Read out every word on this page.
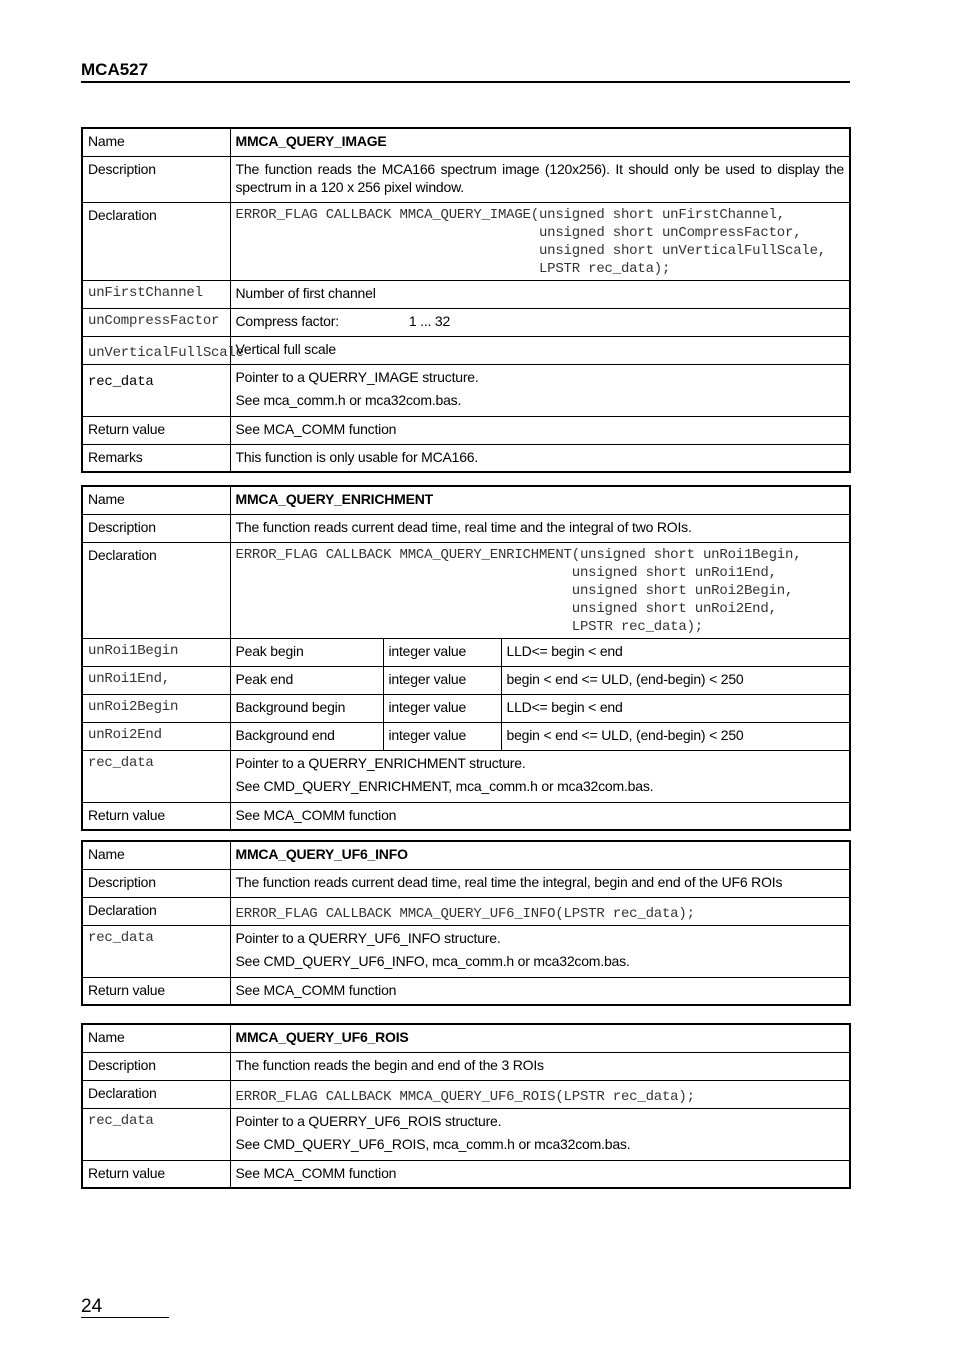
MCA527
Name	MMCA_QUERY_IMAGE
Description	The function reads the MCA166 spectrum image (120x256). It should only be used to display the spectrum in a 120 x 256 pixel window.
Declaration	ERROR_FLAG CALLBACK MMCA_QUERY_IMAGE(unsigned short unFirstChannel,
unsigned short unCompressFactor,
unsigned short unVerticalFullScale,
LPSTR rec_data);
unFirstChannel	Number of first channel
unCompressFactor	Compress factor: 1 ... 32
unVerticalFullScale	Vertical full scale
rec_data	Pointer to a QUERRY_IMAGE structure.
See mca_comm.h or mca32com.bas.

Return value	See MCA_COMM function
Remarks	This function is only usable for MCA166.
Name	MMCA_QUERY_ENRICHMENT		
Description	The function reads current dead time, real time and the integral of two ROIs.		
Declaration	ERROR_FLAG CALLBACK MMCA_QUERY_ENRICHMENT(unsigned short unRoi1Begin,
unsigned short unRoi1End,
unsigned short unRoi2Begin,
unsigned short unRoi2End,
LPSTR rec_data);		
unRoi1Begin	Peak begin	integer value	LLD<= begin < end
unRoi1End,	Peak end	integer value	begin < end <= ULD, (end-begin) < 250
unRoi2Begin	Background begin	integer value	LLD<= begin < end
unRoi2End	Background end	integer value	begin < end <= ULD, (end-begin) < 250
rec_data	Pointer to a QUERRY_ENRICHMENT structure.
See CMD_QUERY_ENRICHMENT, mca_comm.h or mca32com.bas.		

Return value	See MCA_COMM function		
Name	MMCA_QUERY_UF6_INFO
Description	The function reads current dead time, real time the integral, begin and end of the UF6 ROIs
Declaration	ERROR_FLAG CALLBACK MMCA_QUERY_UF6_INFO(LPSTR rec_data);
rec_data	Pointer to a QUERRY_UF6_INFO structure.
See CMD_QUERY_UF6_INFO, mca_comm.h or mca32com.bas.

Return value	See MCA_COMM function
Name	MMCA_QUERY_UF6_ROIS
Description	The function reads the begin and end of the 3 ROIs
Declaration	ERROR_FLAG CALLBACK MMCA_QUERY_UF6_ROIS(LPSTR rec_data);
rec_data	Pointer to a QUERRY_UF6_ROIS structure.
See CMD_QUERY_UF6_ROIS, mca_comm.h or mca32com.bas.

Return value	See MCA_COMM function
24
